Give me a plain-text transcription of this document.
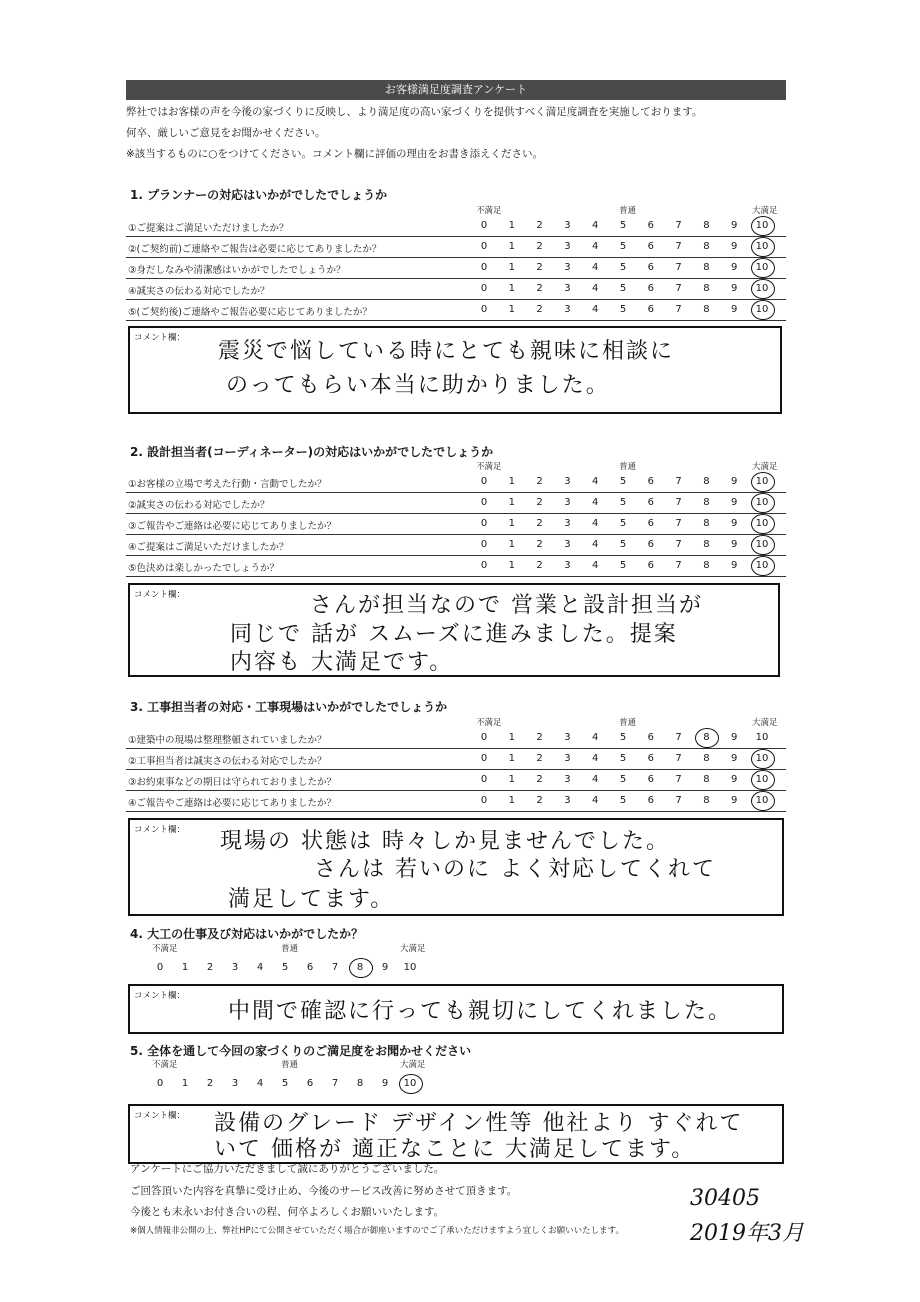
お客様満足度調査アンケート
弊社ではお客様の声を今後の家づくりに反映し、より満足度の高い家づくりを提供すべく満足度調査を実施しております。
何卒、厳しいご意見をお聞かせください。
※該当するものに○をつけてください。コメント欄に評価の理由をお書き添えください。
1. プランナーの対応はいかがでしたでしょうか
不満足	普通	大満足
①ご提案はご満足いただけましたか？	0	1	2	3	4	5	6	7	8	9	10
②(ご契約前)ご連絡やご報告は必要に応じてありましたか？	0	1	2	3	4	5	6	7	8	9	10
③身だしなみや清潔感はいかがでしたでしょうか？	0	1	2	3	4	5	6	7	8	9	10
④誠実さの伝わる対応でしたか？	0	1	2	3	4	5	6	7	8	9	10
⑤(ご契約後)ご連絡やご報告必要に応じてありましたか？	0	1	2	3	4	5	6	7	8	9	10
コメント欄：
震災で悩している時にとても親味に相談に
のってもらい本当に助かりました。
2. 設計担当者(コーディネーター)の対応はいかがでしたでしょうか
不満足	普通	大満足
①お客様の立場で考えた行動・言動でしたか？	0	1	2	3	4	5	6	7	8	9	10
②誠実さの伝わる対応でしたか？	0	1	2	3	4	5	6	7	8	9	10
③ご報告やご連絡は必要に応じてありましたか？	0	1	2	3	4	5	6	7	8	9	10
④ご提案はご満足いただけましたか？	0	1	2	3	4	5	6	7	8	9	10
⑤色決めは楽しかったでしょうか？	0	1	2	3	4	5	6	7	8	9	10
コメント欄：	さんが担当なので 営業と設計担当が
同じで 話が スムーズに進みました。提案
内容も 大満足です。
3. 工事担当者の対応・工事現場はいかがでしたでしょうか
不満足	普通	大満足
①建築中の現場は整理整頓されていましたか？	0	1	2	3	4	5	6	7	8	9	10
②工事担当者は誠実さの伝わる対応でしたか？	0	1	2	3	4	5	6	7	8	9	10
③お約束事などの期日は守られておりましたか？	0	1	2	3	4	5	6	7	8	9	10
④ご報告やご連絡は必要に応じてありましたか？	0	1	2	3	4	5	6	7	8	9	10
コメント欄： 現場の 状態は 時々しか見ませんでした。
さんは 若いのに よく対応してくれて
満足してます。
4. 大工の仕事及び対応はいかがでしたか？
不満足	普通	大満足
0	1	2	3	4	5	6	7	8	9	10
コメント欄：
中間で確認に行っても親切にしてくれました。
5. 全体を通して今回の家づくりのご満足度をお聞かせください
不満足	普通	大満足
0	1	2	3	4	5	6	7	8	9	10
コメント欄： 設備のグレード デザイン性等 他社より すぐれて
いて 価格が 適正なことに 大満足してます。
アンケートにご協力いただきまして誠にありがとうございました。
ご回答頂いた内容を真摯に受け止め、今後のサービス改善に努めさせて頂きます。
今後とも末永いお付き合いの程、何卒よろしくお願いいたします。
※個人情報非公開の上、弊社HPにて公開させていただく場合が御座いますのでご了承いただけますよう宜しくお願いいたします。
30405
2019年3月
